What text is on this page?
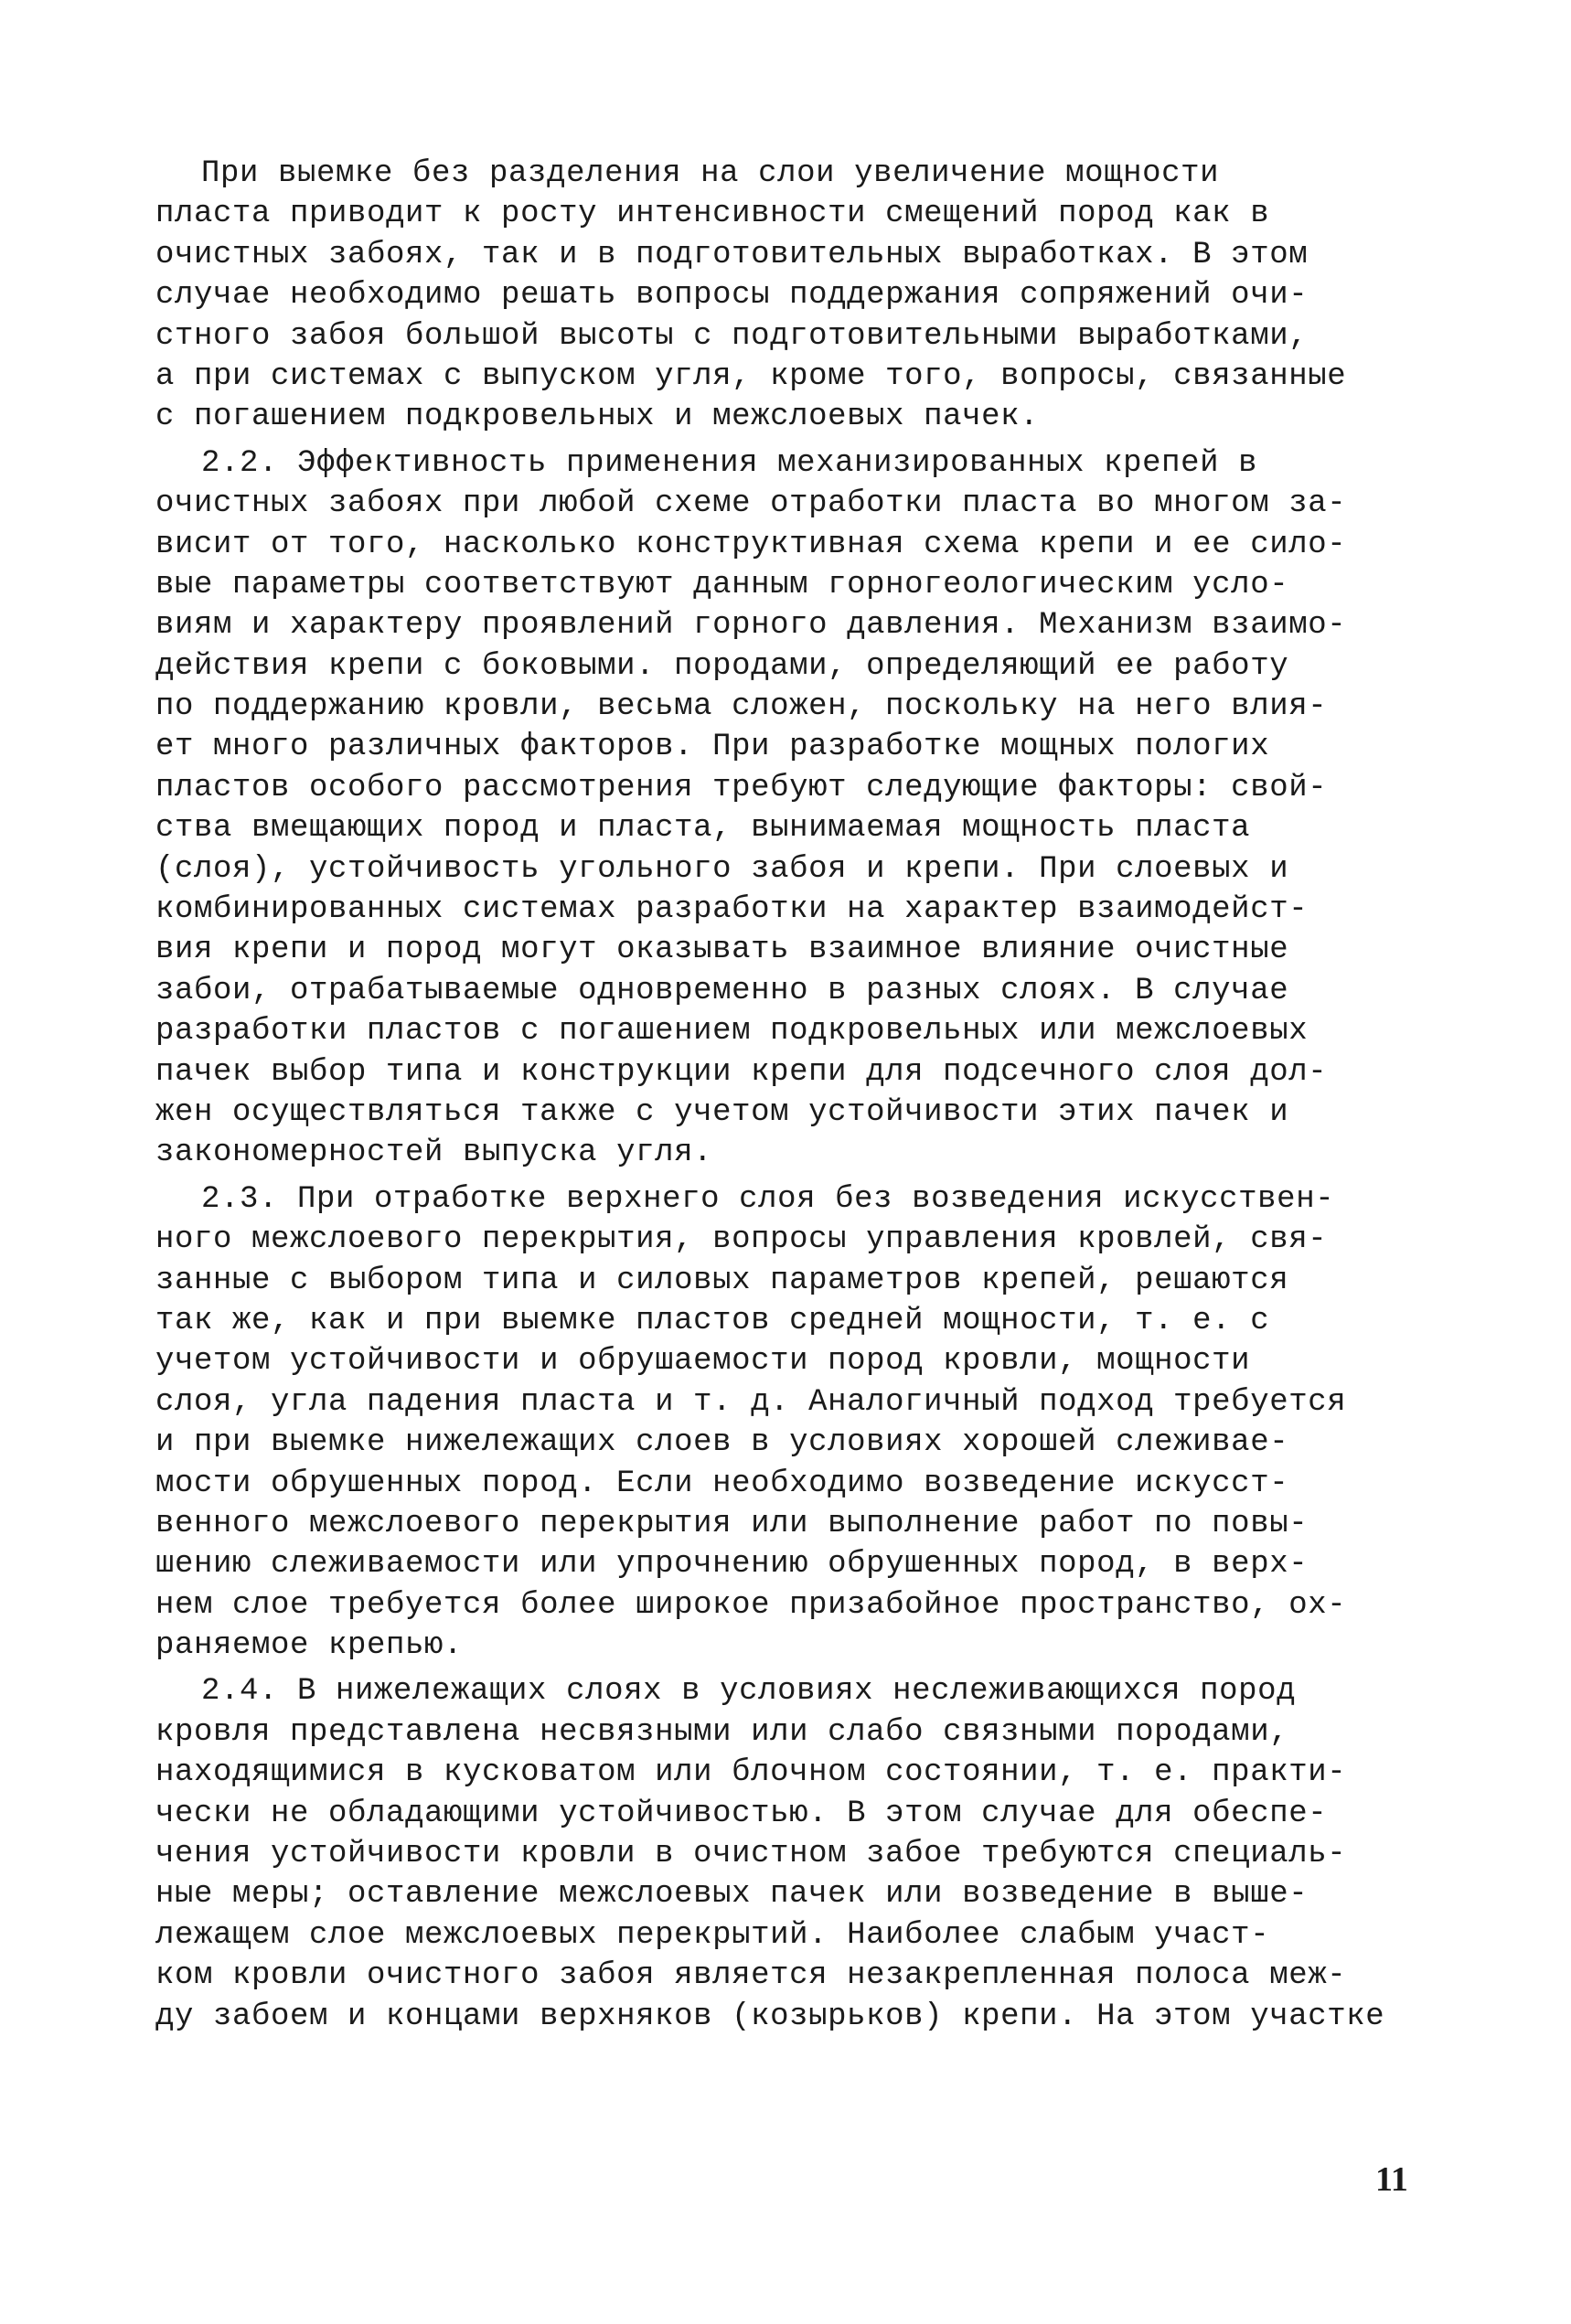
При выемке без разделения на слои увеличение мощности
пласта приводит к росту интенсивности смещений пород как в
очистных забоях, так и в подготовительных выработках. В этом
случае необходимо решать вопросы поддержания сопряжений очи-
стного забоя большой высоты с подготовительными выработками,
а при системах с выпуском угля, кроме того, вопросы, связанные
с погашением подкровельных и межслоевых пачек.

2.2. Эффективность применения механизированных крепей в
очистных забоях при любой схеме отработки пласта во многом за-
висит от того, насколько конструктивная схема крепи и ее сило-
вые параметры соответствуют данным горногеологическим усло-
виям и характеру проявлений горного давления. Механизм взаимо-
действия крепи с боковыми. породами, определяющий ее работу
по поддержанию кровли, весьма сложен, поскольку на него влия-
ет много различных факторов. При разработке мощных пологих
пластов особого рассмотрения требуют следующие факторы: свой-
ства вмещающих пород и пласта, вынимаемая мощность пласта
(слоя), устойчивость угольного забоя и крепи. При слоевых и
комбинированных системах разработки на характер взаимодейст-
вия крепи и пород могут оказывать взаимное влияние очистные
забои, отрабатываемые одновременно в разных слоях. В случае
разработки пластов с погашением подкровельных или межслоевых
пачек выбор типа и конструкции крепи для подсечного слоя дол-
жен осуществляться также с учетом устойчивости этих пачек и
закономерностей выпуска угля.

2.3. При отработке верхнего слоя без возведения искусствен-
ного межслоевого перекрытия, вопросы управления кровлей, свя-
занные с выбором типа и силовых параметров крепей, решаются
так же, как и при выемке пластов средней мощности, т. е. с
учетом устойчивости и обрушаемости пород кровли, мощности
слоя, угла падения пласта и т. д. Аналогичный подход требуется
и при выемке нижележащих слоев в условиях хорошей слеживае-
мости обрушенных пород. Если необходимо возведение искусст-
венного межслоевого перекрытия или выполнение работ по повы-
шению слеживаемости или упрочнению обрушенных пород, в верх-
нем слое требуется более широкое призабойное пространство, ох-
раняемое крепью.

2.4. В нижележащих слоях в условиях неслеживающихся пород
кровля представлена несвязными или слабо связными породами,
находящимися в кусковатом или блочном состоянии, т. е. практи-
чески не обладающими устойчивостью. В этом случае для обеспе-
чения устойчивости кровли в очистном забое требуются специаль-
ные меры; оставление межслоевых пачек или возведение в выше-
лежащем слое межслоевых перекрытий. Наиболее слабым участ-
ком кровли очистного забоя является незакрепленная полоса меж-
ду забоем и концами верхняков (козырьков) крепи. На этом участке

11
